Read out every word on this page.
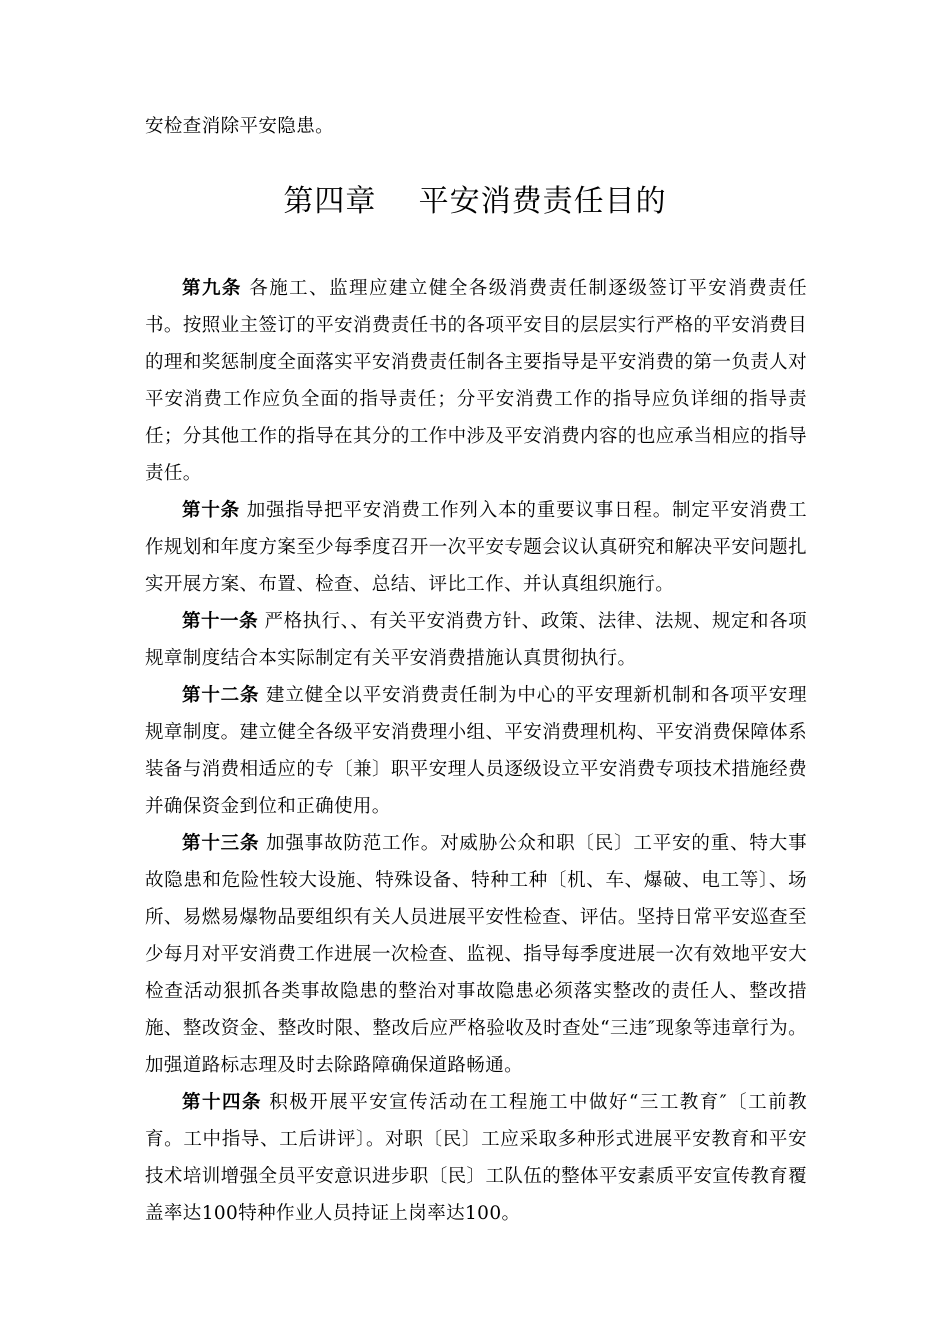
安检查消除平安隐患。
第四章    平安消费责任目的

第九条 各施工、监理应建立健全各级消费责任制逐级签订平安消费责任书。按照业主签订的平安消费责任书的各项平安目的层层实行严格的平安消费目的理和奖惩制度全面落实平安消费责任制各主要指导是平安消费的第一负责人对平安消费工作应负全面的指导责任；分平安消费工作的指导应负详细的指导责任；分其他工作的指导在其分的工作中涉及平安消费内容的也应承当相应的指导责任。

第十条 加强指导把平安消费工作列入本的重要议事日程。制定平安消费工作规划和年度方案至少每季度召开一次平安专题会议认真研究和解决平安问题扎实开展方案、布置、检查、总结、评比工作、并认真组织施行。

第十一条 严格执行、、有关平安消费方针、政策、法律、法规、规定和各项规章制度结合本实际制定有关平安消费措施认真贯彻执行。

第十二条 建立健全以平安消费责任制为中心的平安理新机制和各项平安理规章制度。建立健全各级平安消费理小组、平安消费理机构、平安消费保障体系装备与消费相适应的专〔兼〕职平安理人员逐级设立平安消费专项技术措施经费并确保资金到位和正确使用。

第十三条 加强事故防范工作。对威胁公众和职〔民〕工平安的重、特大事故隐患和危险性较大设施、特殊设备、特种工种〔机、车、爆破、电工等〕、场所、易燃易爆物品要组织有关人员进展平安性检查、评估。坚持日常平安巡查至少每月对平安消费工作进展一次检查、监视、指导每季度进展一次有效地平安大检查活动狠抓各类事故隐患的整治对事故隐患必须落实整改的责任人、整改措施、整改资金、整改时限、整改后应严格验收及时查处“三违″现象等违章行为。加强道路标志理及时去除路障确保道路畅通。

第十四条 积极开展平安宣传活动在工程施工中做好“三工教育″〔工前教育。工中指导、工后讲评〕。对职〔民〕工应采取多种形式进展平安教育和平安技术培训增强全员平安意识进步职〔民〕工队伍的整体平安素质平安宣传教育覆盖率达100特种作业人员持证上岗率达100。
